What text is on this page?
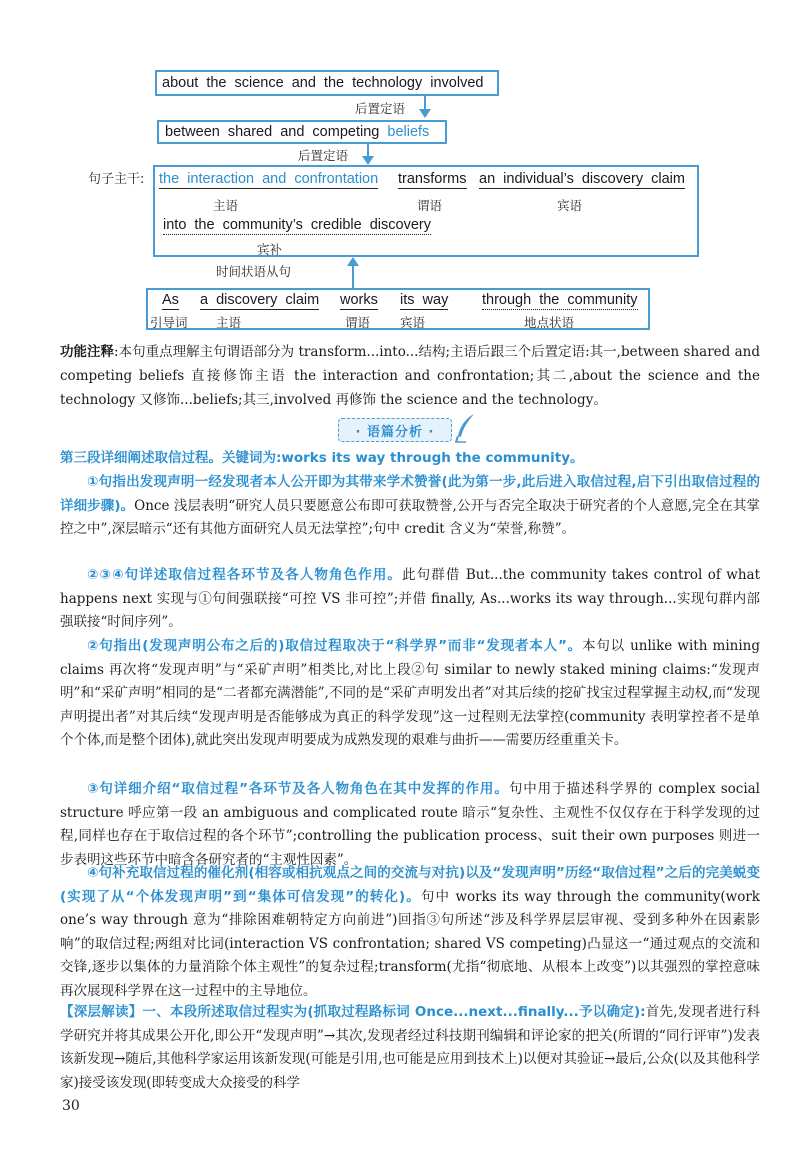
about the science and the technology involved
后置定语
between shared and competing beliefs
后置定语
句子主干: the interaction and confrontation transforms an individual’s discovery claim
主语	谓语	宾语
into the community’s credible discovery
宾补
时间状语从句
As a discovery claim works its way through the community
引导词 主语	谓语 宾语	地点状语
功能注释:本句重点理解主句谓语部分为 transform...into...结构;主语后跟三个后置定语:其一,between shared and competing beliefs 直接修饰主语 the interaction and confrontation;其二,about the science and the technology 又修饰...beliefs;其三,involved 再修饰 the science and the technology。
· 语篇分析 ·
第三段详细阐述取信过程。关键词为:works its way through the community。
①句指出发现声明一经发现者本人公开即为其带来学术赞誉(此为第一步,此后进入取信过程,启下引出取信过程的详细步骤)。Once 浅层表明“研究人员只要愿意公布即可获取赞誉,公开与否完全取决于研究者的个人意愿,完全在其掌控之中”,深层暗示“还有其他方面研究人员无法掌控”;句中 credit 含义为“荣誉,称赞”。
②③④句详述取信过程各环节及各人物角色作用。此句群借 But...the community takes control of what happens next 实现与①句间强联接“可控 VS 非可控”;并借 finally, As...works its way through...实现句群内部强联接“时间序列”。
②句指出(发现声明公布之后的)取信过程取决于“科学界”而非“发现者本人”。本句以 unlike with mining claims 再次将“发现声明”与“采矿声明”相类比,对比上段②句 similar to newly staked mining claims:“发现声明”和“采矿声明”相同的是“二者都充满潜能”,不同的是“采矿声明发出者”对其后续的挖矿找宝过程掌握主动权,而“发现声明提出者”对其后续“发现声明是否能够成为真正的科学发现”这一过程则无法掌控(community 表明掌控者不是单个个体,而是整个团体),就此突出发现声明要成为成熟发现的艰难与曲折——需要历经重重关卡。
③句详细介绍“取信过程”各环节及各人物角色在其中发挥的作用。句中用于描述科学界的 complex social structure 呼应第一段 an ambiguous and complicated route 暗示“复杂性、主观性不仅仅存在于科学发现的过程,同样也存在于取信过程的各个环节”;controlling the publication process、suit their own purposes 则进一步表明这些环节中暗含各研究者的“主观性因素”。
④句补充取信过程的催化剂(相容或相抗观点之间的交流与对抗)以及“发现声明”历经“取信过程”之后的完美蜕变(实现了从“个体发现声明”到“集体可信发现”的转化)。句中 works its way through the community(work one’s way through 意为“排除困难朝特定方向前进”)回指③句所述“涉及科学界层层审视、受到多种外在因素影响”的取信过程;两组对比词(interaction VS confrontation; shared VS competing)凸显这一“通过观点的交流和交锋,逐步以集体的力量消除个体主观性”的复杂过程;transform(尤指“彻底地、从根本上改变”)以其强烈的掌控意味再次展现科学界在这一过程中的主导地位。
【深层解读】一、本段所述取信过程实为(抓取过程路标词 Once...next...finally...予以确定):首先,发现者进行科学研究并将其成果公开化,即公开“发现声明”→其次,发现者经过科技期刊编辑和评论家的把关(所谓的“同行评审”)发表该新发现→随后,其他科学家运用该新发现(可能是引用,也可能是应用到技术上)以便对其验证→最后,公众(以及其他科学家)接受该发现(即转变成大众接受的科学
30
